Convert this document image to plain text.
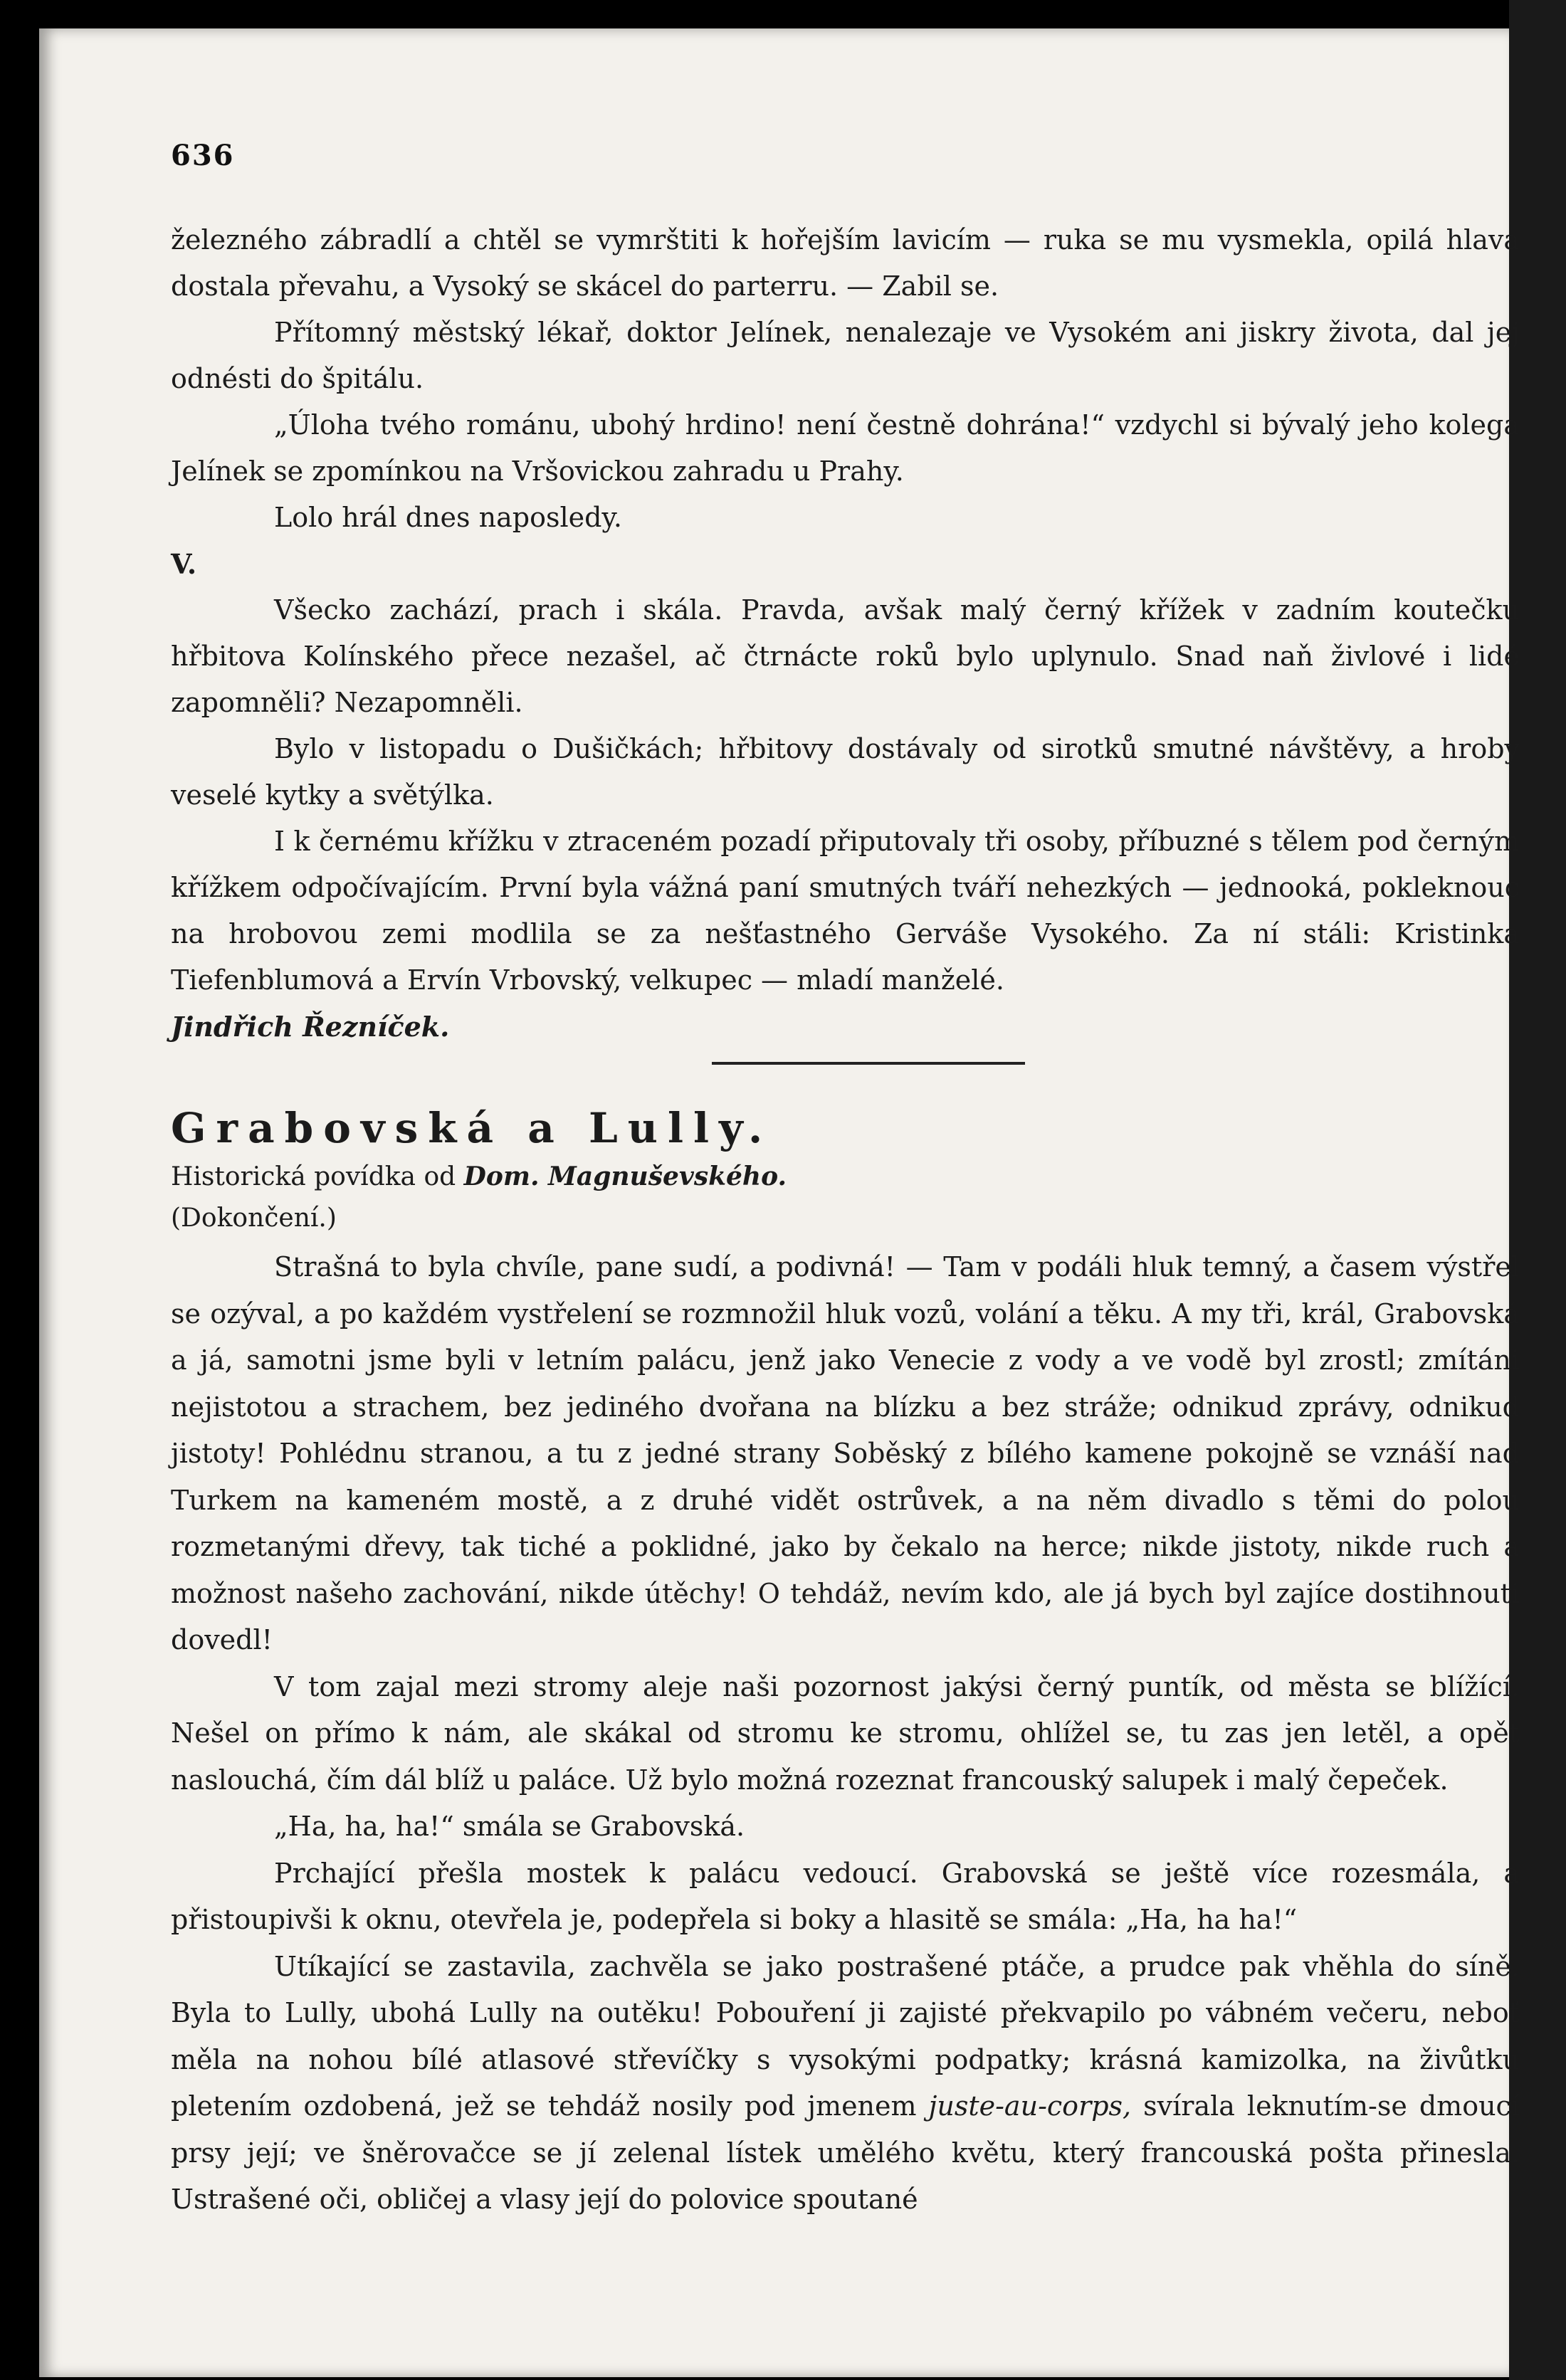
636

železného zábradlí a chtěl se vymrštiti k hořejším lavicím — ruka se mu vysmekla, opilá hlava dostala převahu, a Vysoký se skácel do parterru. — Zabil se.

Přítomný městský lékař, doktor Jelínek, nenalezaje ve Vysokém ani jiskry života, dal jej odnésti do špitálu.

„Úloha tvého románu, ubohý hrdino! není čestně dohrána!“ vzdychl si bývalý jeho kolega Jelínek se zpomínkou na Vršovickou zahradu u Prahy.

Lolo hrál dnes naposledy.

V.

Všecko zachází, prach i skála. Pravda, avšak malý černý křížek v zadním koutečku hřbitova Kolínského přece nezašel, ač čtrnácte roků bylo uplynulo. Snad naň živlové i lidé zapomněli? Nezapomněli.

Bylo v listopadu o Dušičkách; hřbitovy dostávaly od sirotků smutné návštěvy, a hroby veselé kytky a světýlka.

I k černému křížku v ztraceném pozadí připutovaly tři osoby, příbuzné s tělem pod černým křížkem odpočívajícím. První byla vážná paní smutných tváří nehezkých — jednooká, pokleknouc na hrobovou zemi modlila se za nešťastného Gerváše Vysokého. Za ní stáli: Kristinka Tiefenblumová a Ervín Vrbovský, velkupec — mladí manželé.

Jindřich Řezníček.

Grabovská a Lully.

Historická povídka od Dom. Magnuševského.

(Dokončení.)

Strašná to byla chvíle, pane sudí, a podivná! — Tam v podáli hluk temný, a časem výstřel se ozýval, a po každém vystřelení se rozmnožil hluk vozů, volání a těku. A my tři, král, Grabovská a já, samotni jsme byli v letním palácu, jenž jako Venecie z vody a ve vodě byl zrostl; zmítáni nejistotou a strachem, bez jediného dvořana na blízku a bez stráže; odnikud zprávy, odnikud jistoty! Pohlédnu stranou, a tu z jedné strany Soběský z bílého kamene pokojně se vznáší nad Turkem na kameném mostě, a z druhé vidět ostrůvek, a na něm divadlo s těmi do polou rozmetanými dřevy, tak tiché a poklidné, jako by čekalo na herce; nikde jistoty, nikde ruch a možnost našeho zachování, nikde útěchy! O tehdáž, nevím kdo, ale já bych byl zajíce dostihnouti dovedl!

V tom zajal mezi stromy aleje naši pozornost jakýsi černý puntík, od města se blížící. Nešel on přímo k nám, ale skákal od stromu ke stromu, ohlížel se, tu zas jen letěl, a opět naslouchá, čím dál blíž u paláce. Už bylo možná rozeznat francouský salupek i malý čepeček.

„Ha, ha, ha!“ smála se Grabovská.

Prchající přešla mostek k palácu vedoucí. Grabovská se ještě více rozesmála, a přistoupivši k oknu, otevřela je, podepřela si boky a hlasitě se smála: „Ha, ha ha!“

Utíkající se zastavila, zachvěla se jako postrašené ptáče, a prudce pak vhěhla do síně. Byla to Lully, ubohá Lully na outěku! Pobouření ji zajisté překvapilo po vábném večeru, neboť měla na nohou bílé atlasové střevíčky s vysokými podpatky; krásná kamizolka, na živůtku pletením ozdobená, jež se tehdáž nosily pod jmenem juste-au-corps, svírala leknutím-se dmoucí prsy její; ve šněrovačce se jí zelenal lístek umělého květu, který francouská pošta přinesla. Ustrašené oči, obličej a vlasy její do polovice spoutané
